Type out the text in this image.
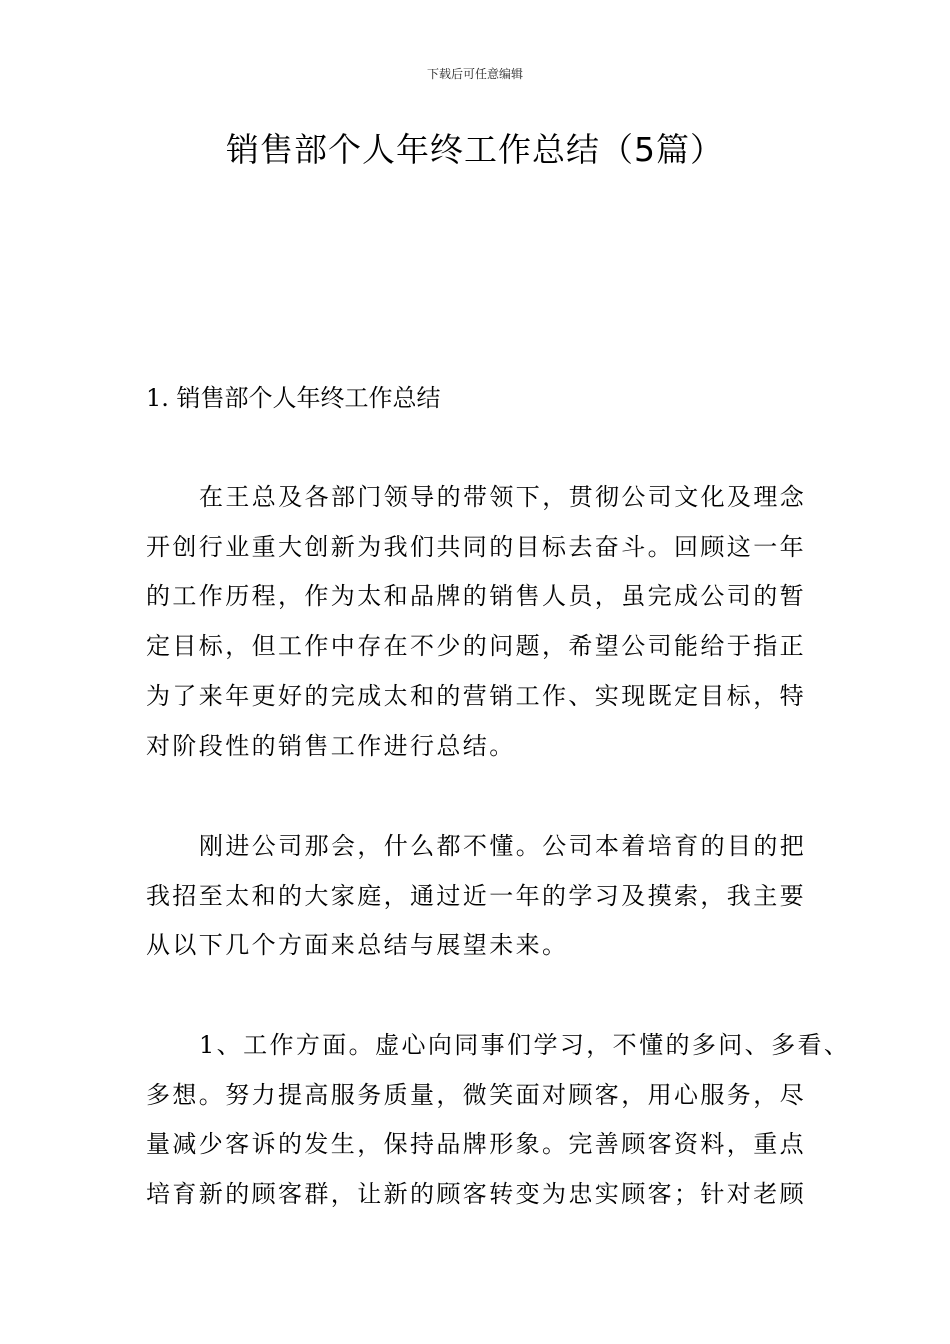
下载后可任意编辑
销售部个人年终工作总结（5篇）
1. 销售部个人年终工作总结

在王总及各部门领导的带领下，贯彻公司文化及理念
开创行业重大创新为我们共同的目标去奋斗。回顾这一年
的工作历程，作为太和品牌的销售人员，虽完成公司的暂
定目标，但工作中存在不少的问题，希望公司能给于指正
为了来年更好的完成太和的营销工作、实现既定目标，特
对阶段性的销售工作进行总结。

刚进公司那会，什么都不懂。公司本着培育的目的把
我招至太和的大家庭，通过近一年的学习及摸索，我主要
从以下几个方面来总结与展望未来。

1、工作方面。虚心向同事们学习，不懂的多问、多看、
多想。努力提高服务质量，微笑面对顾客，用心服务，尽
量减少客诉的发生，保持品牌形象。完善顾客资料，重点
培育新的顾客群，让新的顾客转变为忠实顾客；针对老顾
